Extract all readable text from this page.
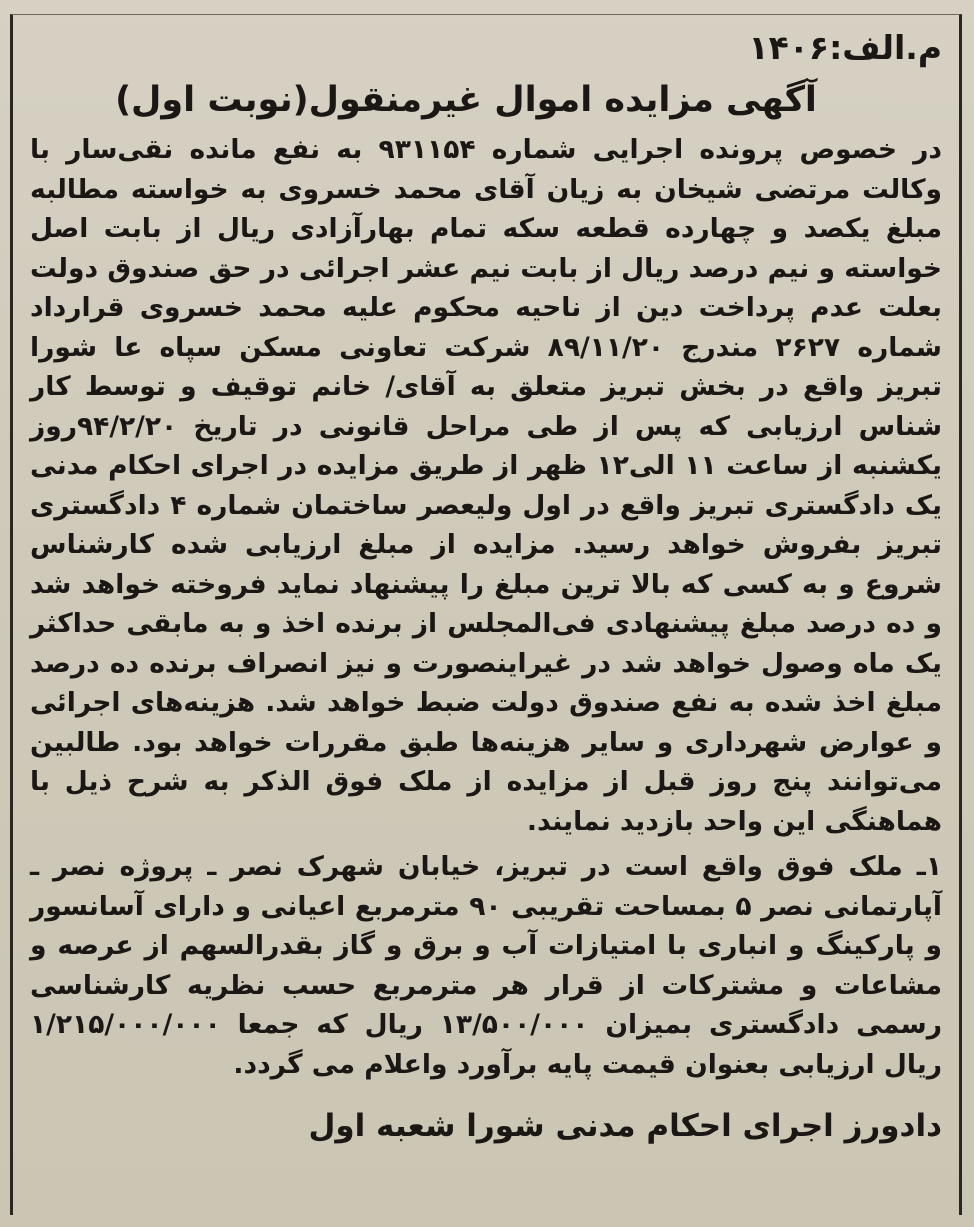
م.الف:۱۴۰۶
آگهی مزایده اموال غیرمنقول(نوبت اول)
در خصوص پرونده اجرایی شماره ۹۳۱۱۵۴ به نفع مانده نقی‌سار با وکالت مرتضی شیخان به زیان آقای محمد خسروی به خواسته مطالبه مبلغ یکصد و چهارده قطعه سکه تمام بهارآزادی ریال از بابت اصل خواسته و نیم درصد ریال از بابت نیم عشر اجرائی در حق صندوق دولت بعلت عدم پرداخت دین از ناحیه محکوم علیه محمد خسروی قرارداد شماره ۲۶۲۷ مندرج ۸۹/۱۱/۲۰ شرکت تعاونی مسکن سپاه عا شورا تبریز واقع در بخش تبریز متعلق به آقای/ خانم توقیف و توسط کار شناس ارزیابی که پس از طی مراحل قانونی در تاریخ ۹۴/۲/۲۰روز یکشنبه از ساعت ۱۱ الی۱۲ ظهر از طریق مزایده در اجرای احکام مدنی یک دادگستری تبریز واقع در اول ولیعصر ساختمان شماره ۴ دادگستری تبریز بفروش خواهد رسید. مزایده از مبلغ ارزیابی شده کارشناس شروع و به کسی که بالا ترین مبلغ را پیشنهاد نماید فروخته خواهد شد و ده درصد مبلغ پیشنهادی فی‌المجلس از برنده اخذ و به مابقی حداکثر یک ماه وصول خواهد شد در غیراینصورت و نیز انصراف برنده ده درصد مبلغ اخذ شده به نفع صندوق دولت ضبط خواهد شد. هزینه‌های اجرائی و عوارض شهرداری و سایر هزینه‌ها طبق مقررات خواهد بود. طالبین می‌توانند پنج روز قبل از مزایده از ملک فوق الذکر به شرح ذیل با هماهنگی این واحد بازدید نمایند.
۱ـ ملک فوق واقع است در تبریز، خیابان شهرک نصر ـ پروژه نصر ـ آپارتمانی نصر ۵ بمساحت تقریبی ۹۰ مترمربع اعیانی و دارای آسانسور و پارکینگ و انباری با امتیازات آب و برق و گاز بقدرالسهم از عرصه و مشاعات و مشترکات از قرار هر مترمربع حسب نظریه کارشناسی رسمی دادگستری بمیزان ۱۳/۵۰۰/۰۰۰ ریال که جمعا ۱/۲۱۵/۰۰۰/۰۰۰ ریال ارزیابی بعنوان قیمت پایه برآورد واعلام می گردد.
دادورز اجرای احکام مدنی شورا شعبه اول
